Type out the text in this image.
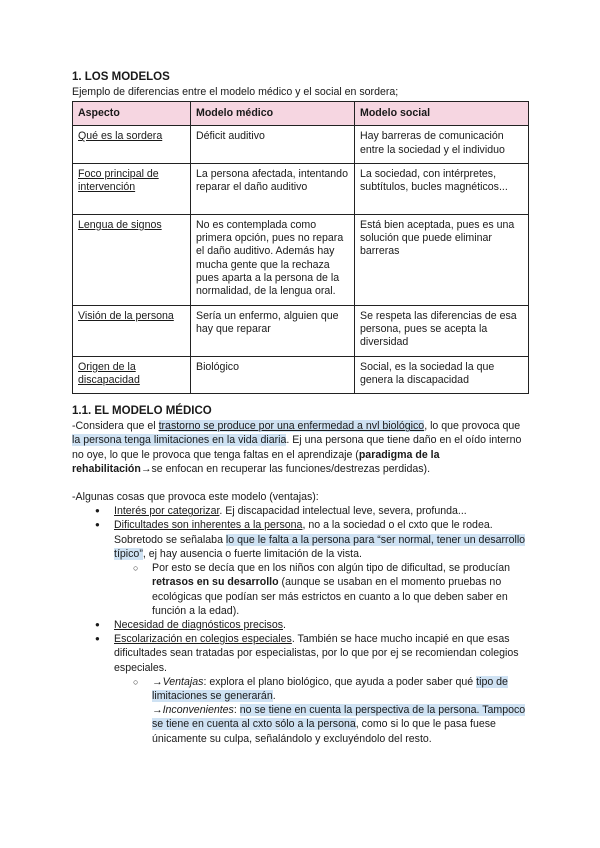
1. LOS MODELOS

Ejemplo de diferencias entre el modelo médico y el social en sordera;

Aspecto	Modelo médico	Modelo social
Qué es la sordera	Déficit auditivo	Hay barreras de comunicación entre la sociedad y el individuo
Foco principal de intervención	La persona afectada, intentando reparar el daño auditivo	La sociedad, con intérpretes, subtítulos, bucles magnéticos...
Lengua de signos	No es contemplada como primera opción, pues no repara el daño auditivo. Además hay mucha gente que la rechaza pues aparta a la persona de la normalidad, de la lengua oral.	Está bien aceptada, pues es una solución que puede eliminar barreras
Visión de la persona	Sería un enfermo, alguien que hay que reparar	Se respeta las diferencias de esa persona, pues se acepta la diversidad
Origen de la discapacidad	Biológico	Social, es la sociedad la que genera la discapacidad
1.1. EL MODELO MÉDICO

-Considera que el trastorno se produce por una enfermedad a nvl biológico, lo que provoca que la persona tenga limitaciones en la vida diaria. Ej una persona que tiene daño en el oído interno no oye, lo que le provoca que tenga faltas en el aprendizaje (paradigma de la rehabilitación→se enfocan en recuperar las funciones/destrezas perdidas).

-Algunas cosas que provoca este modelo (ventajas):

● Interés por categorizar. Ej discapacidad intelectual leve, severa, profunda...
● Dificultades son inherentes a la persona, no a la sociedad o el cxto que le rodea. Sobretodo se señalaba lo que le falta a la persona para “ser normal, tener un desarrollo típico”, ej hay ausencia o fuerte limitación de la vista.
○ Por esto se decía que en los niños con algún tipo de dificultad, se producían retrasos en su desarrollo (aunque se usaban en el momento pruebas no ecológicas que podían ser más estrictos en cuanto a lo que deben saber en función a la edad).
● Necesidad de diagnósticos precisos.
● Escolarización en colegios especiales. También se hace mucho incapié en que esas dificultades sean tratadas por especialistas, por lo que por ej se recomiendan colegios especiales.
○ →Ventajas: explora el plano biológico, que ayuda a poder saber qué tipo de limitaciones se generarán.
→Inconvenientes: no se tiene en cuenta la perspectiva de la persona. Tampoco se tiene en cuenta al cxto sólo a la persona, como si lo que le pasa fuese únicamente su culpa, señalándolo y excluyéndolo del resto.
